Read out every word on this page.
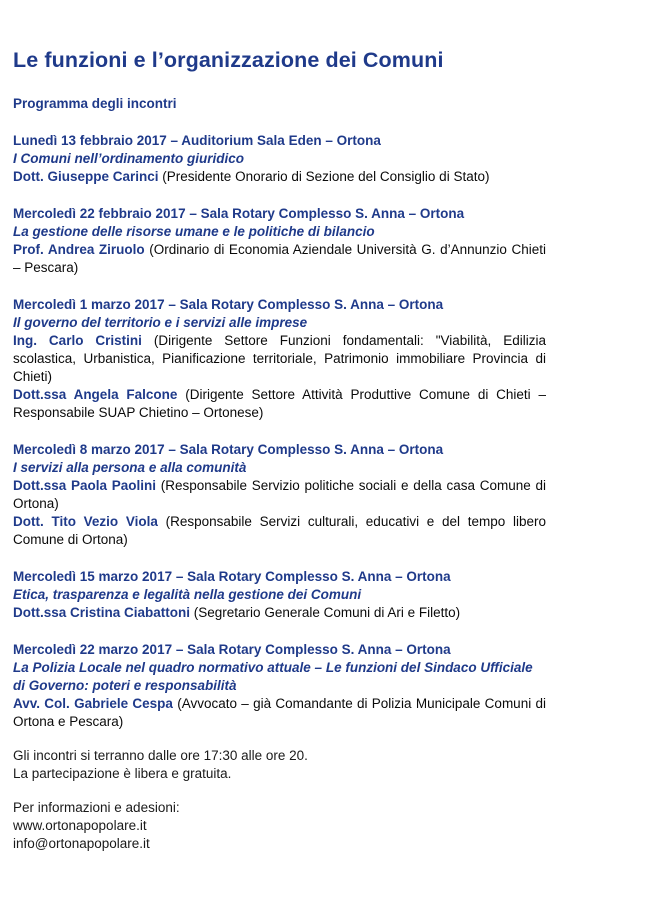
Le funzioni e l’organizzazione dei Comuni
Programma degli incontri
Lunedì 13 febbraio 2017 – Auditorium Sala Eden – Ortona
I Comuni nell’ordinamento giuridico
Dott. Giuseppe Carinci (Presidente Onorario di Sezione del Consiglio di Stato)
Mercoledì 22 febbraio 2017 – Sala Rotary Complesso S. Anna – Ortona
La gestione delle risorse umane e le politiche di bilancio
Prof. Andrea Ziruolo (Ordinario di Economia Aziendale Università G. d’Annunzio Chieti – Pescara)
Mercoledì 1 marzo 2017 – Sala Rotary Complesso S. Anna – Ortona
Il governo del territorio e i servizi alle imprese
Ing. Carlo Cristini (Dirigente Settore Funzioni fondamentali: "Viabilità, Edilizia scolastica, Urbanistica, Pianificazione territoriale, Patrimonio immobiliare Provincia di Chieti)
Dott.ssa Angela Falcone (Dirigente Settore Attività Produttive Comune di Chieti – Responsabile SUAP Chietino – Ortonese)
Mercoledì 8 marzo 2017 – Sala Rotary Complesso S. Anna – Ortona
I servizi alla persona e alla comunità
Dott.ssa Paola Paolini (Responsabile Servizio politiche sociali e della casa Comune di Ortona)
Dott. Tito Vezio Viola (Responsabile Servizi culturali, educativi e del tempo libero Comune di Ortona)
Mercoledì 15 marzo 2017 – Sala Rotary Complesso S. Anna – Ortona
Etica, trasparenza e legalità nella gestione dei Comuni
Dott.ssa Cristina Ciabattoni (Segretario Generale Comuni di Ari e Filetto)
Mercoledì 22 marzo 2017 – Sala Rotary Complesso S. Anna – Ortona
La Polizia Locale nel quadro normativo attuale – Le funzioni del Sindaco Ufficiale di Governo: poteri e responsabilità
Avv. Col. Gabriele Cespa (Avvocato – già Comandante di Polizia Municipale Comuni di Ortona e Pescara)
Gli incontri si terranno dalle ore 17:30 alle ore 20.
La partecipazione è libera e gratuita.
Per informazioni e adesioni:
www.ortonapopolare.it
info@ortonapopolare.it
